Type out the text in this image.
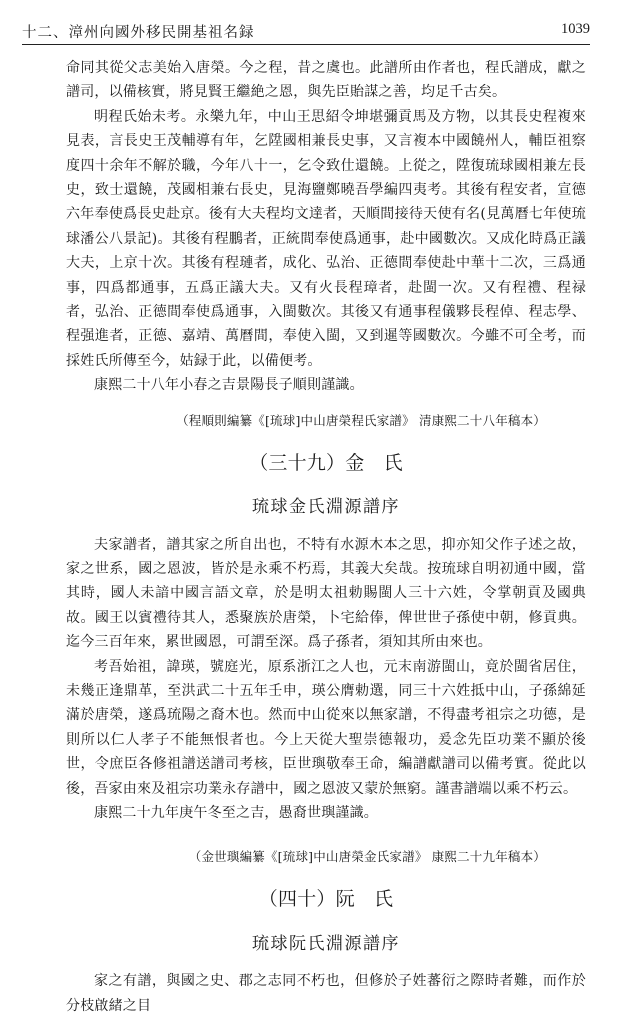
十二、漳州向國外移民開基祖名録	1039

命同其從父志美始入唐榮。今之程，昔之虞也。此譜所由作者也，程氏譜成，獻之譜司，以備核實，將見賢王繼絶之恩，與先臣貽謀之善，均足千古矣。

明程氏始未考。永樂九年，中山王思紹令坤堪彌貢馬及方物，以其長史程複來見表，言長史王茂輔導有年，乞陞國相兼長史事，又言複本中國饒州人，輔臣祖察度四十余年不解於職，今年八十一，乞令致仕還饒。上從之，陞復琉球國相兼左長史，致士還饒，茂國相兼右長史，見海鹽鄭曉吾學編四夷考。其後有程安者，宣德六年奉使爲長史赴京。後有大夫程均文達者，天順間接待天使有名(見萬曆七年使琉球潘公八景記)。其後有程鵬者，正統間奉使爲通事，赴中國數次。又成化時爲正議大夫，上京十次。其後有程璉者，成化、弘治、正德間奉使赴中華十二次，三爲通事，四爲都通事，五爲正議大夫。又有火長程璋者，赴閩一次。又有程禮、程禄者，弘治、正德間奉使爲通事，入閩數次。其後又有通事程儀夥長程倬、程志學、程强進者，正德、嘉靖、萬曆間，奉使入閩，又到暹等國數次。今雖不可全考，而採姓氏所傳至今，姑録于此，以備便考。

康熙二十八年小春之吉景陽長子順則謹識。

（程順則編纂《[琉球]中山唐榮程氏家譜》 清康熙二十八年稿本）

（三十九）金　氏

琉球金氏淵源譜序

夫家譜者，譜其家之所自出也，不特有水源木本之思，抑亦知父作子述之故，家之世系，國之恩波，皆於是永乘不朽焉，其義大矣哉。按琉球自明初通中國，當其時，國人未諳中國言語文章，於是明太祖勅賜閩人三十六姓，令掌朝貢及國典故。國王以賓禮待其人，悉聚族於唐榮，卜宅給俸，俾世世子孫使中朝，修貢典。迄今三百年來，累世國恩，可謂至深。爲子孫者，須知其所由來也。

考吾始祖，諱瑛，號庭光，原系浙江之人也，元末南游閩山，竟於閩省居住，未幾正逢鼎革，至洪武二十五年壬申，瑛公膺勅選，同三十六姓抵中山，子孫綿延滿於唐榮，遂爲琉陽之裔木也。然而中山從來以無家譜，不得盡考祖宗之功德，是則所以仁人孝子不能無恨者也。今上天從大聖崇德報功，爰念先臣功業不顯於後世，令庶臣各修祖譜送譜司考核，臣世璵敬奉王命，編譜獻譜司以備考實。從此以後，吾家由來及祖宗功業永存譜中，國之恩波又蒙於無窮。謹書譜端以乘不朽云。

康熙二十九年庚午冬至之吉，愚裔世璵謹識。

（金世璵編纂《[琉球]中山唐榮金氏家譜》 康熙二十九年稿本）

（四十）阮　氏

琉球阮氏淵源譜序

家之有譜，與國之史、郡之志同不朽也，但修於子姓蕃衍之際時者難，而作於分枝啟緒之目
